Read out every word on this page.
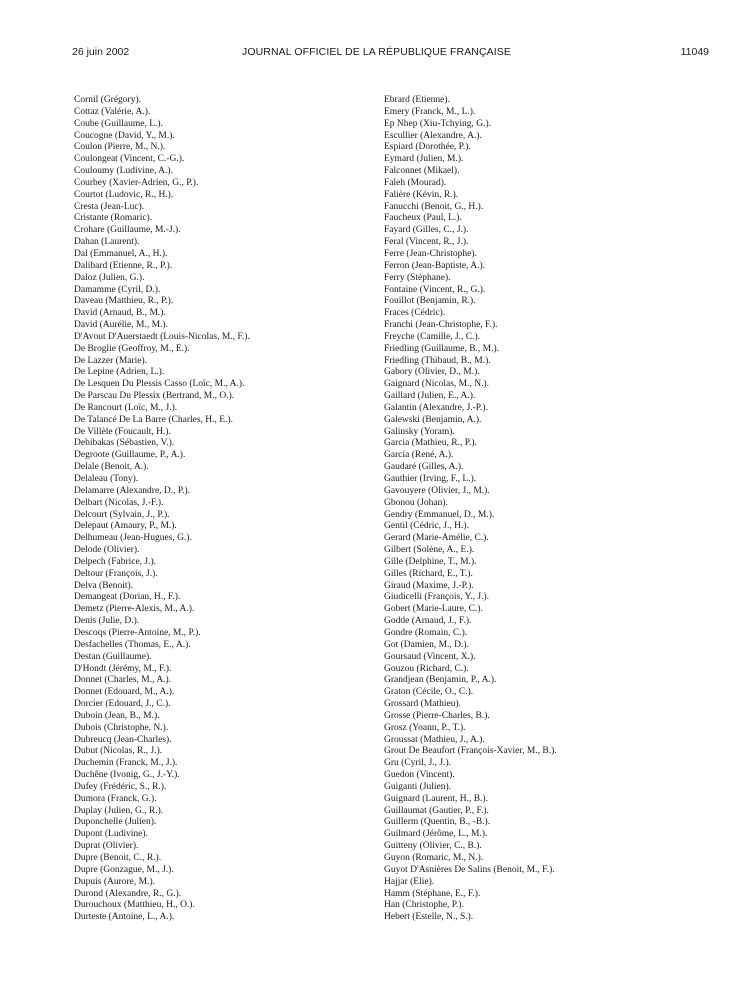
26 juin 2002	JOURNAL OFFICIEL DE LA RÉPUBLIQUE FRANÇAISE	11049
Cornil (Grégory).
Cottaz (Valérie, A.).
Coube (Guillaume, L.).
Coucogne (David, Y., M.).
Coulon (Pierre, M., N.).
Coulongeat (Vincent, C.-G.).
Couloumy (Ludivine, A.).
Courbey (Xavier-Adrien, G., P.).
Courtot (Ludovic, R., H.).
Cresta (Jean-Luc).
Cristante (Romaric).
Crohare (Guillaume, M.-J.).
Dahan (Laurent).
Dal (Emmanuel, A., H.).
Dalibard (Etienne, R., P.).
Daloz (Julien, G.).
Damamme (Cyril, D.).
Daveau (Matthieu, R., P.).
David (Arnaud, B., M.).
David (Aurélie, M., M.).
D'Avout D'Auerstaedt (Louis-Nicolas, M., F.).
De Broglie (Geoffroy, M., E.).
De Lazzer (Marie).
De Lepine (Adrien, L.).
De Lesquen Du Plessis Casso (Loïc, M., A.).
De Parscau Du Plessix (Bertrand, M., O.).
De Rancourt (Loïc, M., J.).
De Talancé De La Barre (Charles, H., E.).
De Villèle (Foucault, H.).
Debibakas (Sébastien, V.).
Degroote (Guillaume, P., A.).
Delale (Benoit, A.).
Delaleau (Tony).
Delamarre (Alexandre, D., P.).
Delbart (Nicolas, J.-F.).
Delcourt (Sylvain, J., P.).
Delepaut (Amaury, P., M.).
Delhumeau (Jean-Hugues, G.).
Delode (Olivier).
Delpech (Fabrice, J.).
Deltour (François, J.).
Delva (Benoit).
Demangeat (Dorian, H., F.).
Demetz (Pierre-Alexis, M., A.).
Denis (Julie, D.).
Descoqs (Pierre-Antoine, M., P.).
Desfachelles (Thomas, E., A.).
Destan (Guillaume).
D'Hondt (Jérémy, M., F.).
Donnet (Charles, M., A.).
Donnet (Edouard, M., A.).
Dorcier (Edouard, J., C.).
Duboin (Jean, B., M.).
Dubois (Christophe, N.).
Dubreucq (Jean-Charles).
Dubut (Nicolas, R., J.).
Duchemin (Franck, M., J.).
Duchêne (Ivonig, G., J.-Y.).
Dufey (Frédéric, S., R.).
Dumora (Franck, G.).
Duplay (Julien, G., R.).
Duponchelle (Julien).
Dupont (Ludivine).
Duprat (Olivier).
Dupre (Benoit, C., R.).
Dupre (Gonzague, M., J.).
Dupuis (Aurore, M.).
Durond (Alexandre, R., G.).
Durouchoux (Matthieu, H., O.).
Durteste (Antoine, L., A.).
Ebrard (Etienne).
Emery (Franck, M., L.).
Ep Nhep (Xiu-Tchying, G.).
Escullier (Alexandre, A.).
Espiard (Dorothée, P.).
Eymard (Julien, M.).
Falconnet (Mikael).
Faleh (Mourad).
Falière (Kévin, R.).
Fanucchi (Benoit, G., H.).
Faucheux (Paul, L.).
Fayard (Gilles, C., J.).
Feral (Vincent, R., J.).
Ferre (Jean-Christophe).
Ferron (Jean-Baptiste, A.).
Ferry (Stéphane).
Fontaine (Vincent, R., G.).
Fouillot (Benjamin, R.).
Fraces (Cédric).
Franchi (Jean-Christophe, F.).
Freyche (Camille, J., C.).
Friedling (Guillaume, B., M.).
Friedling (Thibaud, B., M.).
Gabory (Olivier, D., M.).
Gaignard (Nicolas, M., N.).
Gaillard (Julien, E., A.).
Galantin (Alexandre, J.-P.).
Galewski (Benjamin, A.).
Galinsky (Yoram).
Garcia (Mathieu, R., P.).
Garcia (René, A.).
Gaudaré (Gilles, A.).
Gauthier (Irving, F., L.).
Gavouyere (Olivier, J., M.).
Gbonou (Johan).
Gendry (Emmanuel, D., M.).
Gentil (Cédric, J., H.).
Gerard (Marie-Amélie, C.).
Gilbert (Solène, A., E.).
Gille (Delphine, T., M.).
Gilles (Richard, E., T.).
Giraud (Maxime, J.-P.).
Giudicelli (François, Y., J.).
Gobert (Marie-Laure, C.).
Godde (Arnaud, J., F.).
Gondre (Romain, C.).
Got (Damien, M., D.).
Goursaud (Vincent, X.).
Gouzou (Richard, C.).
Grandjean (Benjamin, P., A.).
Graton (Cécile, O., C.).
Grossard (Mathieu).
Grosse (Pierre-Charles, B.).
Grosz (Yoann, P., T.).
Groussat (Mathieu, J., A.).
Grout De Beaufort (François-Xavier, M., B.).
Gru (Cyril, J., J.).
Guedon (Vincent).
Guiganti (Julien).
Guignard (Laurent, H., B.).
Guillaumat (Gautier, P., F.).
Guillerm (Quentin, B., -B.).
Guilmard (Jérôme, L., M.).
Guitteny (Olivier, C., B.).
Guyon (Romaric, M., N.).
Guyot D'Asnières De Salins (Benoit, M., F.).
Hajjar (Elie).
Hamm (Stéphane, E., F.).
Han (Christophe, P.).
Hebert (Estelle, N., S.).
